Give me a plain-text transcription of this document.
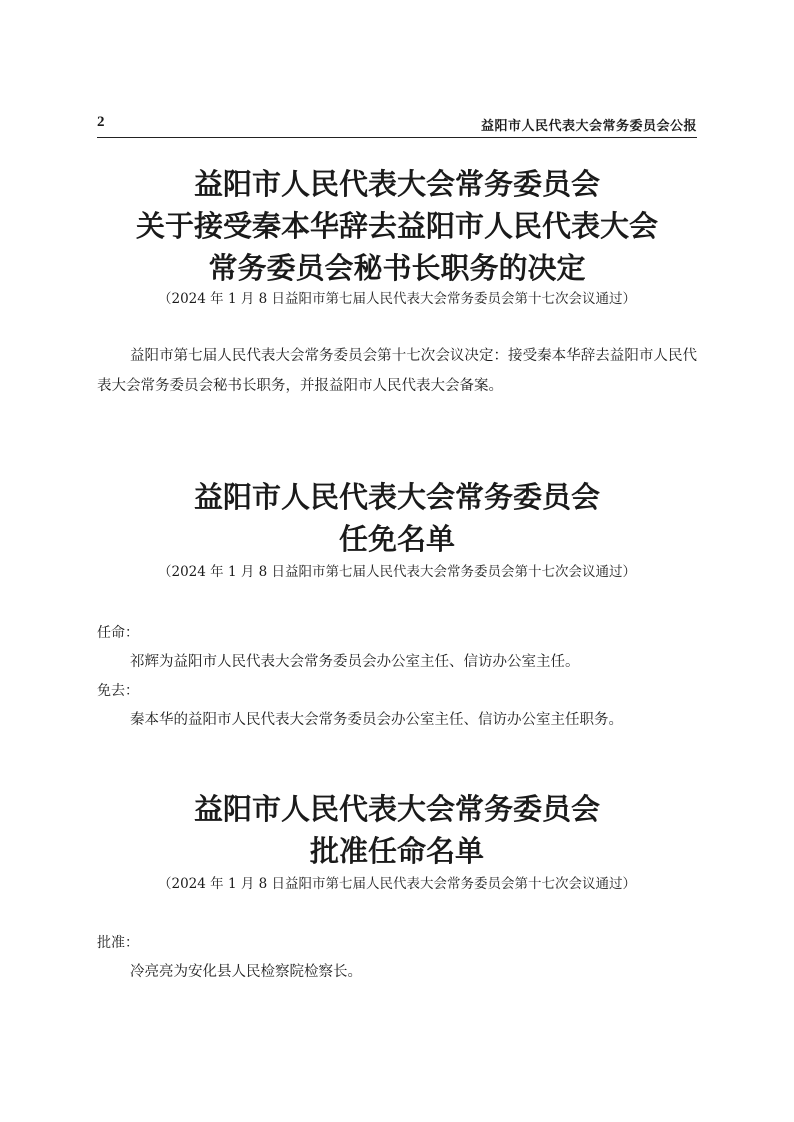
2	益阳市人民代表大会常务委员会公报
益阳市人民代表大会常务委员会
关于接受秦本华辞去益阳市人民代表大会
常务委员会秘书长职务的决定

（2024 年 1 月 8 日益阳市第七届人民代表大会常务委员会第十七次会议通过）

益阳市第七届人民代表大会常务委员会第十七次会议决定：接受秦本华辞去益阳市人民代表大会常务委员会秘书长职务，并报益阳市人民代表大会备案。

益阳市人民代表大会常务委员会
任免名单

（2024 年 1 月 8 日益阳市第七届人民代表大会常务委员会第十七次会议通过）

任命：

祁辉为益阳市人民代表大会常务委员会办公室主任、信访办公室主任。

免去：

秦本华的益阳市人民代表大会常务委员会办公室主任、信访办公室主任职务。

益阳市人民代表大会常务委员会
批准任命名单

（2024 年 1 月 8 日益阳市第七届人民代表大会常务委员会第十七次会议通过）

批准：

冷亮亮为安化县人民检察院检察长。
